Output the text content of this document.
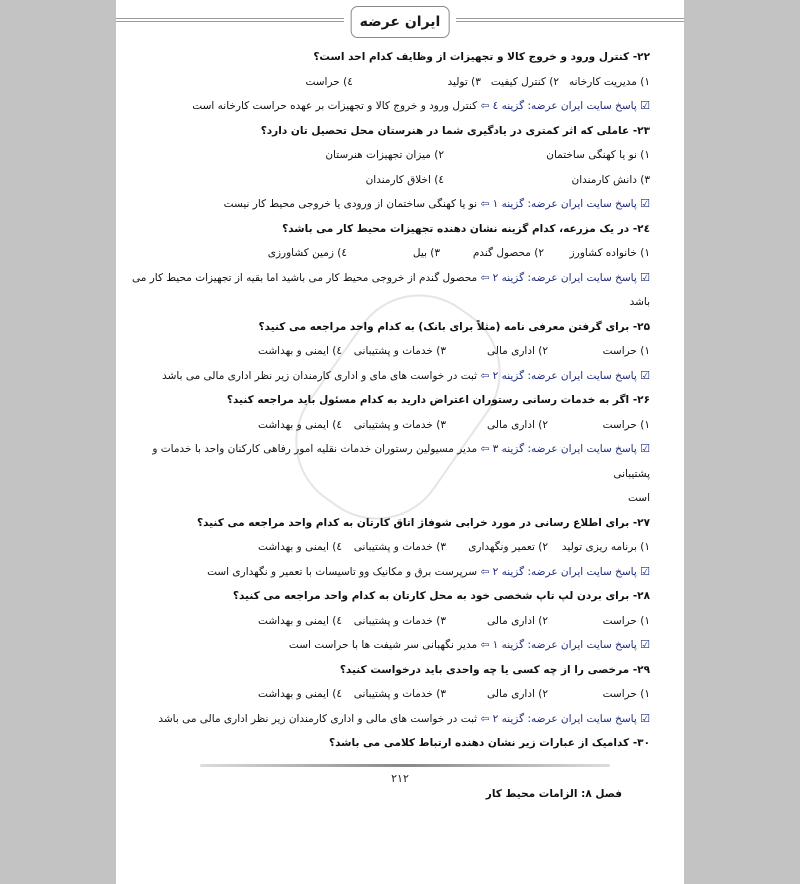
ایران عرضه
۲۲- کنترل ورود و خروج کالا و تجهیزات از وظایف کدام احد است؟
۱) مدیریت کارخانه
۲) کنترل کیفیت
۳) تولید
٤) حراست
☑ پاسخ سایت ایران عرضه: گزینه ٤ ⇦ کنترل ورود و خروج کالا و تجهیزات بر عهده حراست کارخانه است
۲۳- عاملی که اثر کمتری در یادگیری شما در هنرستان محل تحصیل تان دارد؟
۱) نو یا کهنگی ساختمان
۲) میزان تجهیزات هنرستان
۳) دانش کارمندان
٤) اخلاق کارمندان
☑ پاسخ سایت ایران عرضه: گزینه ۱ ⇦ نو یا کهنگی ساختمان از ورودی یا خروجی محیط کار نیست
٢٤- در یک مزرعه، کدام گزینه نشان دهنده تجهیزات محیط کار می باشد؟
۱) خانواده کشاورز
۲) محصول گندم
۳) بیل
٤) زمین کشاورزی
☑ پاسخ سایت ایران عرضه: گزینه ۲ ⇦ محصول گندم از خروجی محیط کار می باشید اما بقیه از تجهیزات محیط کار می
باشد
۲۵- برای گرفتن معرفی نامه (مثلاً برای بانک) به کدام واحد مراجعه می کنید؟
۱) حراست
۲) اداری مالی
۳) خدمات و پشتیبانی
٤) ایمنی و بهداشت
☑ پاسخ سایت ایران عرضه: گزینه ۲ ⇦ ثبت در خواست های مای و اداری کارمندان زیر نظر اداری مالی می باشد
۲۶- اگر به خدمات رسانی رستوران اعتراض دارید به کدام مسئول باید مراجعه کنید؟
۱) حراست
۲) اداری مالی
۳) خدمات و پشتیبانی
٤) ایمنی و بهداشت
☑ پاسخ سایت ایران عرضه: گزینه ۳ ⇦ مدیر مسیولین رستوران خدمات نقلیه امور رفاهی کارکنان واحد با خدمات و پشتیبانی
است
۲۷- برای اطلاع رسانی در مورد خرابی شوفاژ اتاق کارتان به کدام واحد مراجعه می کنید؟
۱) برنامه ریزی تولید
۲) تعمیر ونگهداری
۳) خدمات و پشتیبانی
٤) ایمنی و بهداشت
☑ پاسخ سایت ایران عرضه: گزینه ۲ ⇦ سرپرست برق و مکانیک وو تاسیسات با تعمیر و نگهداری است
۲۸- برای بردن لپ تاپ شخصی خود به محل کارتان به کدام واحد مراجعه می کنید؟
۱) حراست
۲) اداری مالی
۳) خدمات و پشتیبانی
٤) ایمنی و بهداشت
☑ پاسخ سایت ایران عرضه: گزینه ۱ ⇦ مدیر نگهبانی سر شیفت ها با حراست است
۲۹- مرخصی را از چه کسی یا چه واحدی باید درخواست کنید؟
۱) حراست
۲) اداری مالی
۳) خدمات و پشتیبانی
٤) ایمنی و بهداشت
☑ پاسخ سایت ایران عرضه: گزینه ۲ ⇦ ثبت در خواست های مالی و اداری کارمندان زیر نظر اداری مالی می باشد
۳۰- کدامیک از عبارات زیر نشان دهنده ارتباط کلامی می باشد؟
۲۱۲
فصل ۸: الزامات محیط کار
